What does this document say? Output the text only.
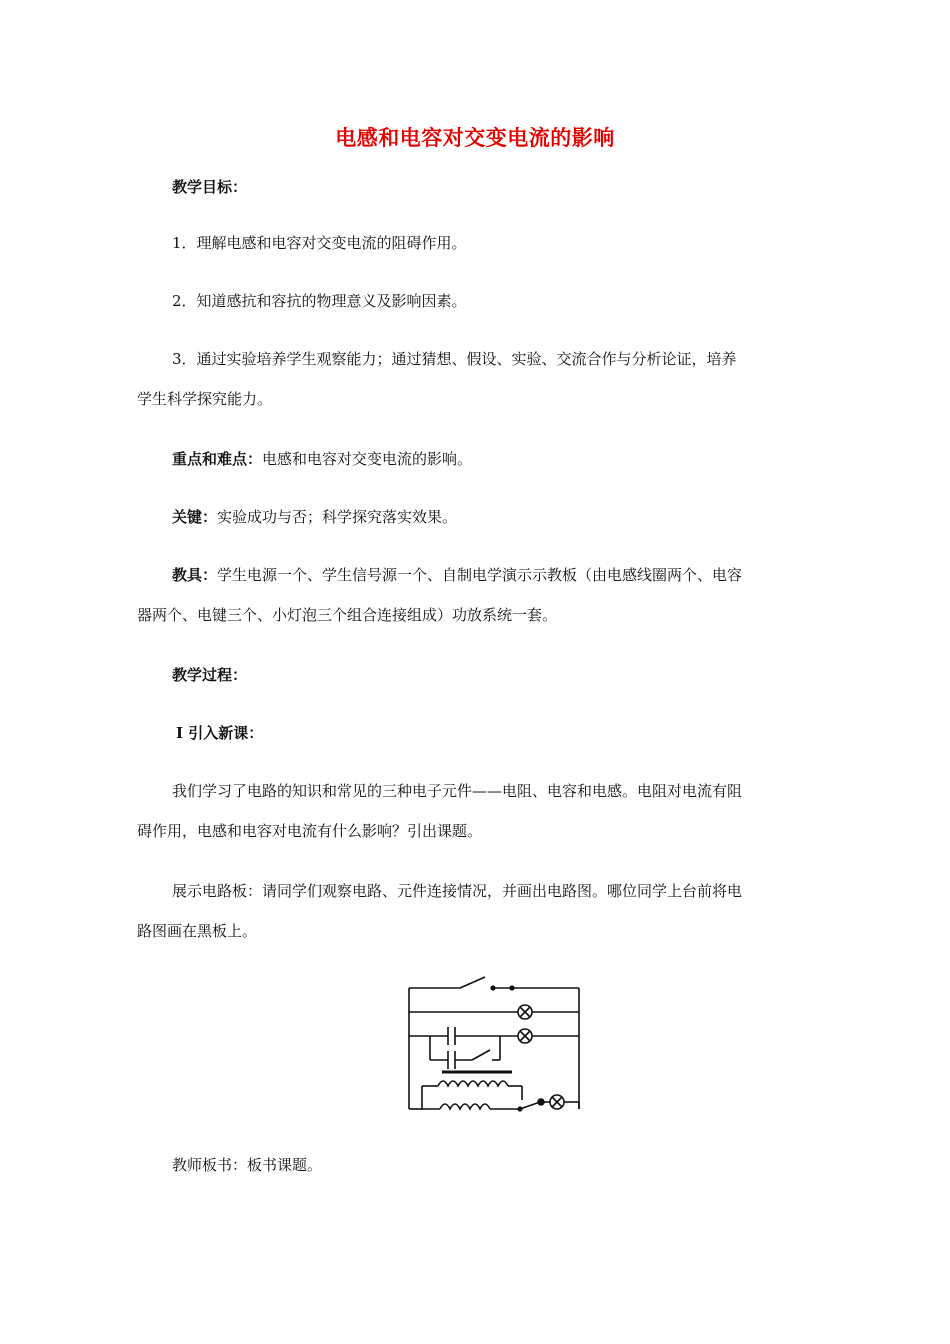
电感和电容对交变电流的影响
教学目标：
1．理解电感和电容对交变电流的阻碍作用。
2．知道感抗和容抗的物理意义及影响因素。
3．通过实验培养学生观察能力；通过猜想、假设、实验、交流合作与分析论证，培养
学生科学探究能力。
重点和难点：电感和电容对交变电流的影响。
关键：实验成功与否；科学探究落实效果。
教具：学生电源一个、学生信号源一个、自制电学演示示教板（由电感线圈两个、电容
器两个、电键三个、小灯泡三个组合连接组成）功放系统一套。
教学过程：
Ⅰ 引入新课：
我们学习了电路的知识和常见的三种电子元件——电阻、电容和电感。电阻对电流有阻
碍作用，电感和电容对电流有什么影响？引出课题。
展示电路板：请同学们观察电路、元件连接情况，并画出电路图。哪位同学上台前将电
路图画在黑板上。
教师板书：板书课题。
